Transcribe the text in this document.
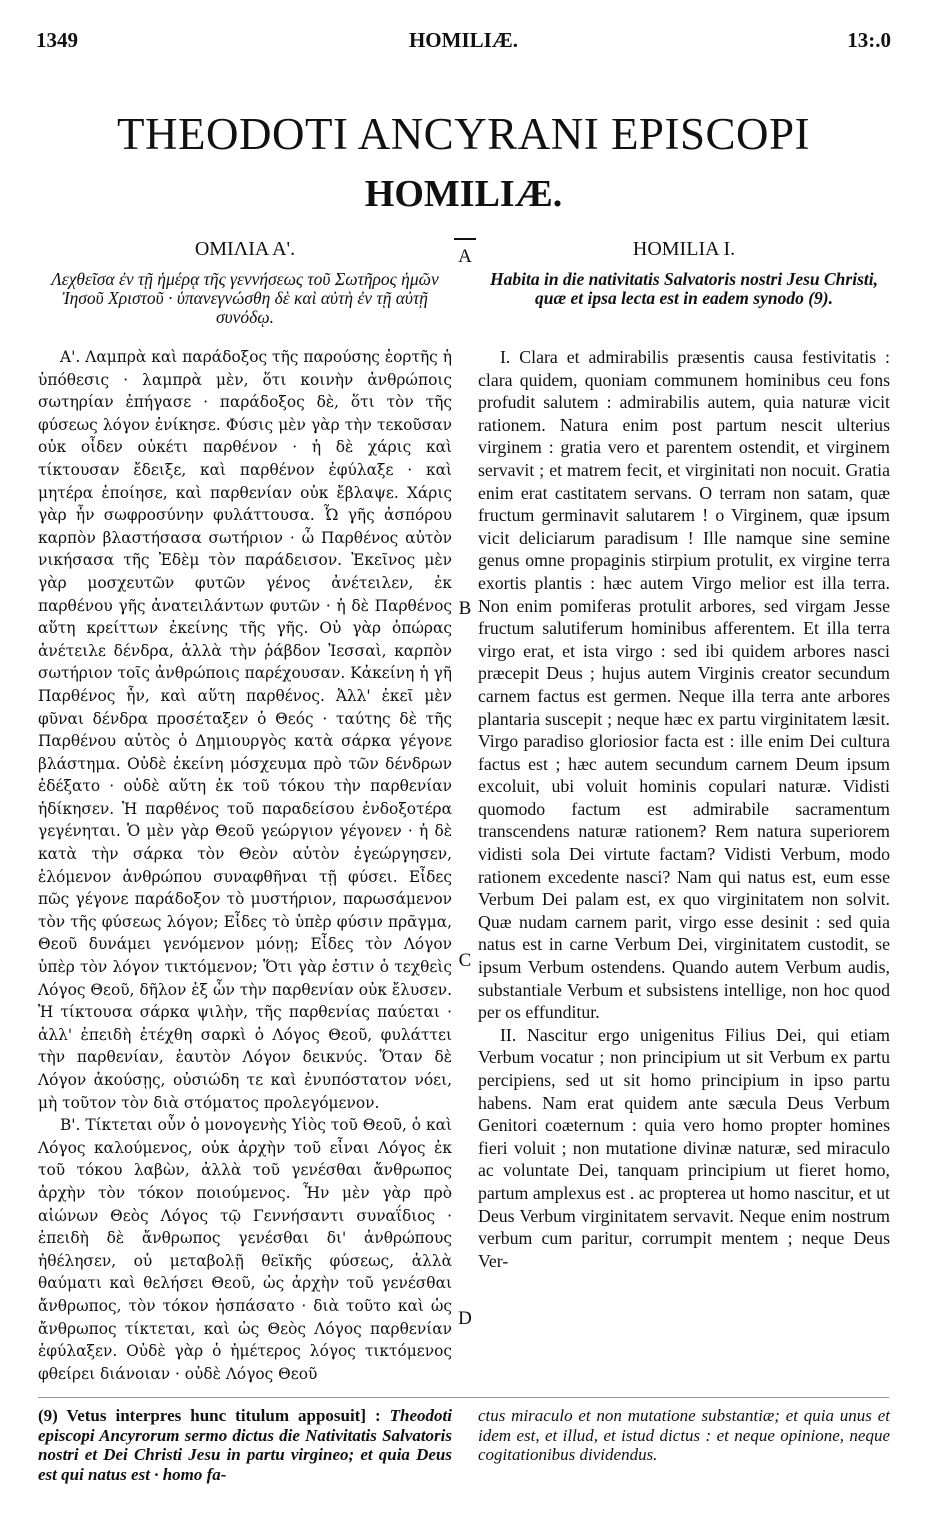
1349	HOMILIÆ.	13:.0
THEODOTI ANCYRANI EPISCOPI
HOMILIÆ.
A
B
C
D
ΟΜΙΛΙΑ Α'.
Λεχθεῖσα ἐν τῇ ἡμέρᾳ τῆς γεννήσεως τοῦ Σωτῆρος ἡμῶν Ἰησοῦ Χριστοῦ · ὑπανεγνώσθη δὲ καὶ αὐτὴ ἐν τῇ αὐτῇ συνόδῳ.

Α'. Λαμπρὰ καὶ παράδοξος τῆς παρούσης ἑορτῆς ἡ ὑπόθεσις · λαμπρὰ μὲν, ὅτι κοινὴν ἀνθρώποις σωτηρίαν ἐπήγασε · παράδοξος δὲ, ὅτι τὸν τῆς φύσεως λόγον ἐνίκησε. Φύσις μὲν γὰρ τὴν τεκοῦσαν οὐκ οἶδεν οὐκέτι παρθένον · ἡ δὲ χάρις καὶ τίκτουσαν ἔδειξε, καὶ παρθένον ἐφύλαξε · καὶ μητέρα ἐποίησε, καὶ παρθενίαν οὐκ ἔβλαψε. Χάρις γὰρ ἦν σωφροσύνην φυλάττουσα. Ὦ γῆς ἀσπόρου καρπὸν βλαστήσασα σωτήριον · ὦ Παρθένος αὐτὸν νικήσασα τῆς Ἐδὲμ τὸν παράδεισον. Ἐκεῖνος μὲν γὰρ μοσχευτῶν φυτῶν γένος ἀνέτειλεν, ἐκ παρθένου γῆς ἀνατειλάντων φυτῶν · ἡ δὲ Παρθένος αὕτη κρείττων ἐκείνης τῆς γῆς. Οὐ γὰρ ὀπώρας ἀνέτειλε δένδρα, ἀλλὰ τὴν ῥάβδον Ἰεσσαὶ, καρπὸν σωτήριον τοῖς ἀνθρώποις παρέχουσαν. Κἀκείνη ἡ γῆ Παρθένος ἦν, καὶ αὕτη παρθένος. Ἀλλ' ἐκεῖ μὲν φῦναι δένδρα προσέταξεν ὁ Θεός · ταύτης δὲ τῆς Παρθένου αὐτὸς ὁ Δημιουργὸς κατὰ σάρκα γέγονε βλάστημα. Οὐδὲ ἐκείνη μόσχευμα πρὸ τῶν δένδρων ἐδέξατο · οὐδὲ αὕτη ἐκ τοῦ τόκου τὴν παρθενίαν ἠδίκησεν. Ἡ παρθένος τοῦ παραδείσου ἐνδοξοτέρα γεγένηται. Ὁ μὲν γὰρ Θεοῦ γεώργιον γέγονεν · ἡ δὲ κατὰ τὴν σάρκα τὸν Θεὸν αὐτὸν ἐγεώργησεν, ἑλόμενον ἀνθρώπου συναφθῆναι τῇ φύσει. Εἶδες πῶς γέγονε παράδοξον τὸ μυστήριον, παρωσάμενον τὸν τῆς φύσεως λόγον; Εἶδες τὸ ὑπὲρ φύσιν πρᾶγμα, Θεοῦ δυνάμει γενόμενον μόνῃ; Εἶδες τὸν Λόγον ὑπὲρ τὸν λόγον τικτόμενον; Ὅτι γὰρ ἐστιν ὁ τεχθεὶς Λόγος Θεοῦ, δῆλον ἐξ ὧν τὴν παρθενίαν οὐκ ἔλυσεν. Ἡ τίκτουσα σάρκα ψιλὴν, τῆς παρθενίας παύεται · ἀλλ' ἐπειδὴ ἐτέχθη σαρκὶ ὁ Λόγος Θεοῦ, φυλάττει τὴν παρθενίαν, ἑαυτὸν Λόγον δεικνύς. Ὅταν δὲ Λόγον ἀκούσῃς, οὐσιώδη τε καὶ ἐνυπόστατον νόει, μὴ τοῦτον τὸν διὰ στόματος προλεγόμενον.

Β'. Τίκτεται οὖν ὁ μονογενὴς Υἱὸς τοῦ Θεοῦ, ὁ καὶ Λόγος καλούμενος, οὐκ ἀρχὴν τοῦ εἶναι Λόγος ἐκ τοῦ τόκου λαβὼν, ἀλλὰ τοῦ γενέσθαι ἄνθρωπος ἀρχὴν τὸν τόκον ποιούμενος. Ἦν μὲν γὰρ πρὸ αἰώνων Θεὸς Λόγος τῷ Γεννήσαντι συναΐδιος · ἐπειδὴ δὲ ἄνθρωπος γενέσθαι δι' ἀνθρώπους ἠθέλησεν, οὐ μεταβολῇ θεϊκῆς φύσεως, ἀλλὰ θαύματι καὶ θελήσει Θεοῦ, ὡς ἀρχὴν τοῦ γενέσθαι ἄνθρωπος, τὸν τόκον ἠσπάσατο · διὰ τοῦτο καὶ ὡς ἄνθρωπος τίκτεται, καὶ ὡς Θεὸς Λόγος παρθενίαν ἐφύλαξεν. Οὐδὲ γὰρ ὁ ἡμέτερος λόγος τικτόμενος φθείρει διάνοιαν · οὐδὲ Λόγος Θεοῦ

HOMILIA I.
Habita in die nativitatis Salvatoris nostri Jesu Christi, quæ et ipsa lecta est in eadem synodo (9).

I. Clara et admirabilis præsentis causa festivitatis : clara quidem, quoniam communem hominibus ceu fons profudit salutem : admirabilis autem, quia naturæ vicit rationem. Natura enim post partum nescit ulterius virginem : gratia vero et parentem ostendit, et virginem servavit ; et matrem fecit, et virginitati non nocuit. Gratia enim erat castitatem servans. O terram non satam, quæ fructum germinavit salutarem ! o Virginem, quæ ipsum vicit deliciarum paradisum ! Ille namque sine semine genus omne propaginis stirpium protulit, ex virgine terra exortis plantis : hæc autem Virgo melior est illa terra. Non enim pomiferas protulit arbores, sed virgam Jesse fructum salutiferum hominibus afferentem. Et illa terra virgo erat, et ista virgo : sed ibi quidem arbores nasci præcepit Deus ; hujus autem Virginis creator secundum carnem factus est germen. Neque illa terra ante arbores plantaria suscepit ; neque hæc ex partu virginitatem læsit. Virgo paradiso gloriosior facta est : ille enim Dei cultura factus est ; hæc autem secundum carnem Deum ipsum excoluit, ubi voluit hominis copulari naturæ. Vidisti quomodo factum est admirabile sacramentum transcendens naturæ rationem? Rem natura superiorem vidisti sola Dei virtute factam? Vidisti Verbum, modo rationem excedente nasci? Nam qui natus est, eum esse Verbum Dei palam est, ex quo virginitatem non solvit. Quæ nudam carnem parit, virgo esse desinit : sed quia natus est in carne Verbum Dei, virginitatem custodit, se ipsum Verbum ostendens. Quando autem Verbum audis, substantiale Verbum et subsistens intellige, non hoc quod per os effunditur.

II. Nascitur ergo unigenitus Filius Dei, qui etiam Verbum vocatur ; non principium ut sit Verbum ex partu percipiens, sed ut sit homo principium in ipso partu habens. Nam erat quidem ante sæcula Deus Verbum Genitori coæternum : quia vero homo propter homines fieri voluit ; non mutatione divinæ naturæ, sed miraculo ac voluntate Dei, tanquam principium ut fieret homo, partum amplexus est . ac propterea ut homo nascitur, et ut Deus Verbum virginitatem servavit. Neque enim nostrum verbum cum paritur, corrumpit mentem ; neque Deus Ver-

(9) Vetus interpres hunc titulum apposuit] : Theodoti episcopi Ancyrorum sermo dictus die Nativitatis Salvatoris nostri et Dei Christi Jesu in partu virgineo; et quia Deus est qui natus est · homo fa-
ctus miraculo et non mutatione substantiæ; et quia unus et idem est, et illud, et istud dictus : et neque opinione, neque cogitationibus dividendus.
